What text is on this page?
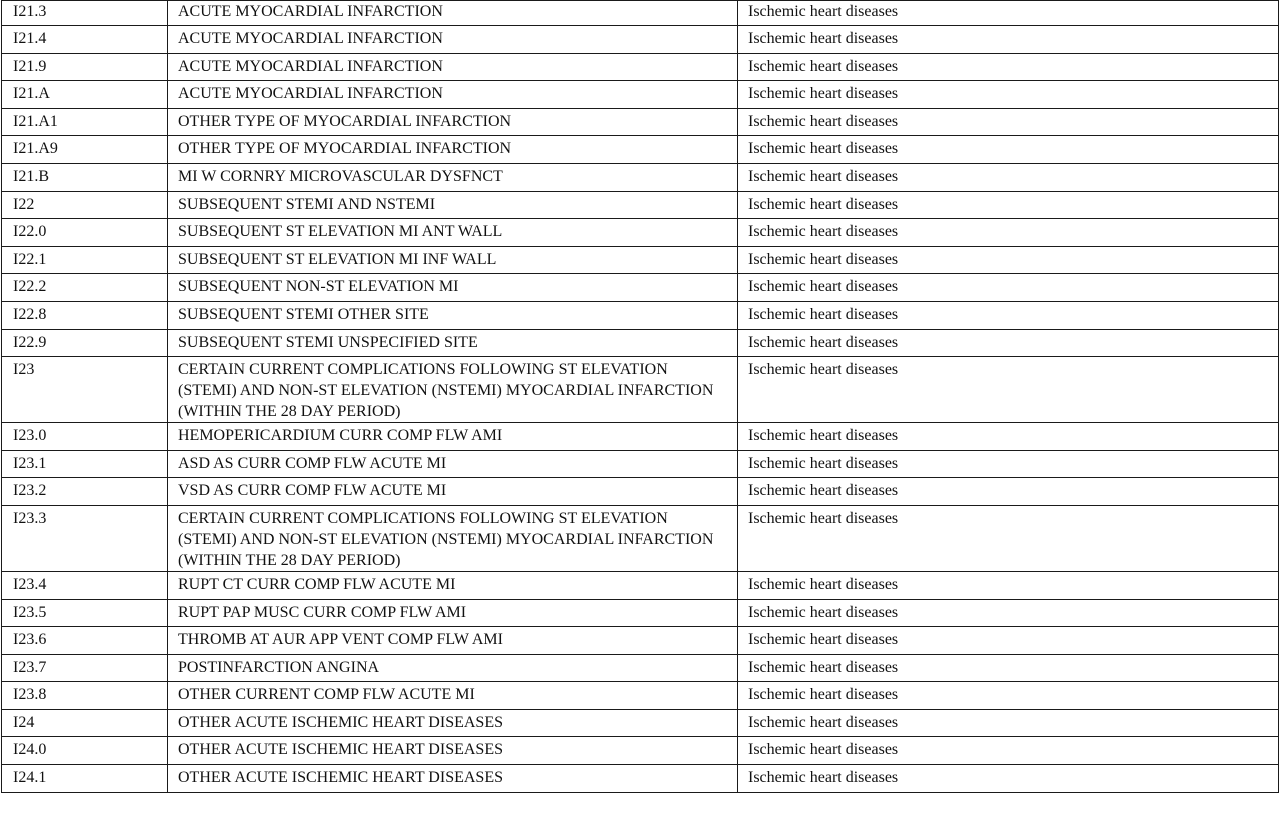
I21.3	ACUTE MYOCARDIAL INFARCTION	Ischemic heart diseases
I21.4	ACUTE MYOCARDIAL INFARCTION	Ischemic heart diseases
I21.9	ACUTE MYOCARDIAL INFARCTION	Ischemic heart diseases
I21.A	ACUTE MYOCARDIAL INFARCTION	Ischemic heart diseases
I21.A1	OTHER TYPE OF MYOCARDIAL INFARCTION	Ischemic heart diseases
I21.A9	OTHER TYPE OF MYOCARDIAL INFARCTION	Ischemic heart diseases
I21.B	MI W CORNRY MICROVASCULAR DYSFNCT	Ischemic heart diseases
I22	SUBSEQUENT STEMI AND NSTEMI	Ischemic heart diseases
I22.0	SUBSEQUENT ST ELEVATION MI ANT WALL	Ischemic heart diseases
I22.1	SUBSEQUENT ST ELEVATION MI INF WALL	Ischemic heart diseases
I22.2	SUBSEQUENT NON-ST ELEVATION MI	Ischemic heart diseases
I22.8	SUBSEQUENT STEMI OTHER SITE	Ischemic heart diseases
I22.9	SUBSEQUENT STEMI UNSPECIFIED SITE	Ischemic heart diseases
I23	CERTAIN CURRENT COMPLICATIONS FOLLOWING ST ELEVATION (STEMI) AND NON-ST ELEVATION (NSTEMI) MYOCARDIAL INFARCTION (WITHIN THE 28 DAY PERIOD)	Ischemic heart diseases
I23.0	HEMOPERICARDIUM CURR COMP FLW AMI	Ischemic heart diseases
I23.1	ASD AS CURR COMP FLW ACUTE MI	Ischemic heart diseases
I23.2	VSD AS CURR COMP FLW ACUTE MI	Ischemic heart diseases
I23.3	CERTAIN CURRENT COMPLICATIONS FOLLOWING ST ELEVATION (STEMI) AND NON-ST ELEVATION (NSTEMI) MYOCARDIAL INFARCTION (WITHIN THE 28 DAY PERIOD)	Ischemic heart diseases
I23.4	RUPT CT CURR COMP FLW ACUTE MI	Ischemic heart diseases
I23.5	RUPT PAP MUSC CURR COMP FLW AMI	Ischemic heart diseases
I23.6	THROMB AT AUR APP VENT COMP FLW AMI	Ischemic heart diseases
I23.7	POSTINFARCTION ANGINA	Ischemic heart diseases
I23.8	OTHER CURRENT COMP FLW ACUTE MI	Ischemic heart diseases
I24	OTHER ACUTE ISCHEMIC HEART DISEASES	Ischemic heart diseases
I24.0	OTHER ACUTE ISCHEMIC HEART DISEASES	Ischemic heart diseases
I24.1	OTHER ACUTE ISCHEMIC HEART DISEASES	Ischemic heart diseases
